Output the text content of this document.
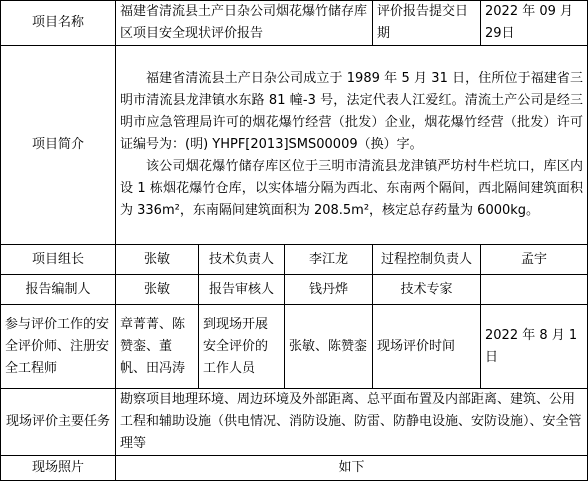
项目名称	福建省清流县土产日杂公司烟花爆竹储存库区项目安全现状评价报告			评价报告提交日期	2022 年 09 月 29日
项目简介	福建省清流县土产日杂公司成立于 1989 年 5 月 31 日，住所位于福建省三明市清流县龙津镇水东路 81 幢-3 号，法定代表人江爱红。清流土产公司是经三明市应急管理局许可的烟花爆竹经营（批发）企业，烟花爆竹经营（批发）许可证编号为：(明) YHPF[2013]SMS00009（换）字。

该公司烟花爆竹储存库区位于三明市清流县龙津镇严坊村牛栏坑口，库区内设 1 栋烟花爆竹仓库，以实体墙分隔为西北、东南两个隔间，西北隔间建筑面积为 336m²，东南隔间建筑面积为 208.5m²，核定总存药量为 6000kg。				

项目组长	张敏	技术负责人	李江龙	过程控制负责人	孟宇
报告编制人	张敏	报告审核人	钱丹烨	技术专家	
参与评价工作的安全评价师、注册安全工程师	章菁菁、陈赞銮、董帆、田冯涛	到现场开展安全评价的工作人员	张敏、陈赞銮	现场评价时间	2022 年 8 月 1 日
现场评价主要任务	勘察项目地理环境、周边环境及外部距离、总平面布置及内部距离、建筑、公用工程和辅助设施（供电情况、消防设施、防雷、防静电设施、安防设施）、安全管理等				
现场照片	如下				
